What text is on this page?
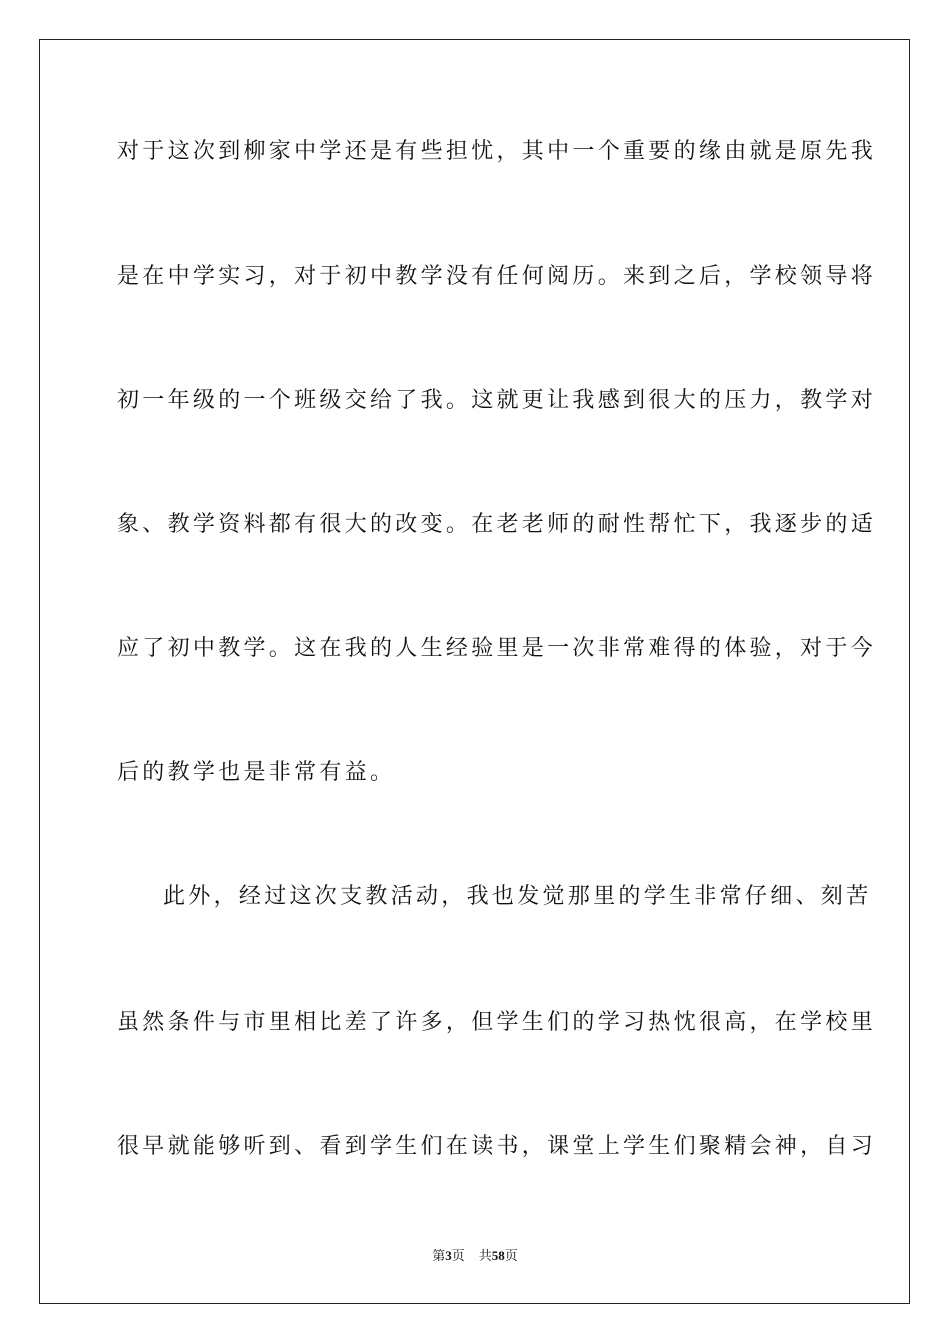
对于这次到柳家中学还是有些担忧，其中一个重要的缘由就是原先我
是在中学实习，对于初中教学没有任何阅历。来到之后，学校领导将
初一年级的一个班级交给了我。这就更让我感到很大的压力，教学对
象、教学资料都有很大的改变。在老老师的耐性帮忙下，我逐步的适
应了初中教学。这在我的人生经验里是一次非常难得的体验，对于今
后的教学也是非常有益。
此外，经过这次支教活动，我也发觉那里的学生非常仔细、刻苦
虽然条件与市里相比差了许多，但学生们的学习热忱很高，在学校里
很早就能够听到、看到学生们在读书，课堂上学生们聚精会神，自习
第3页 共58页
